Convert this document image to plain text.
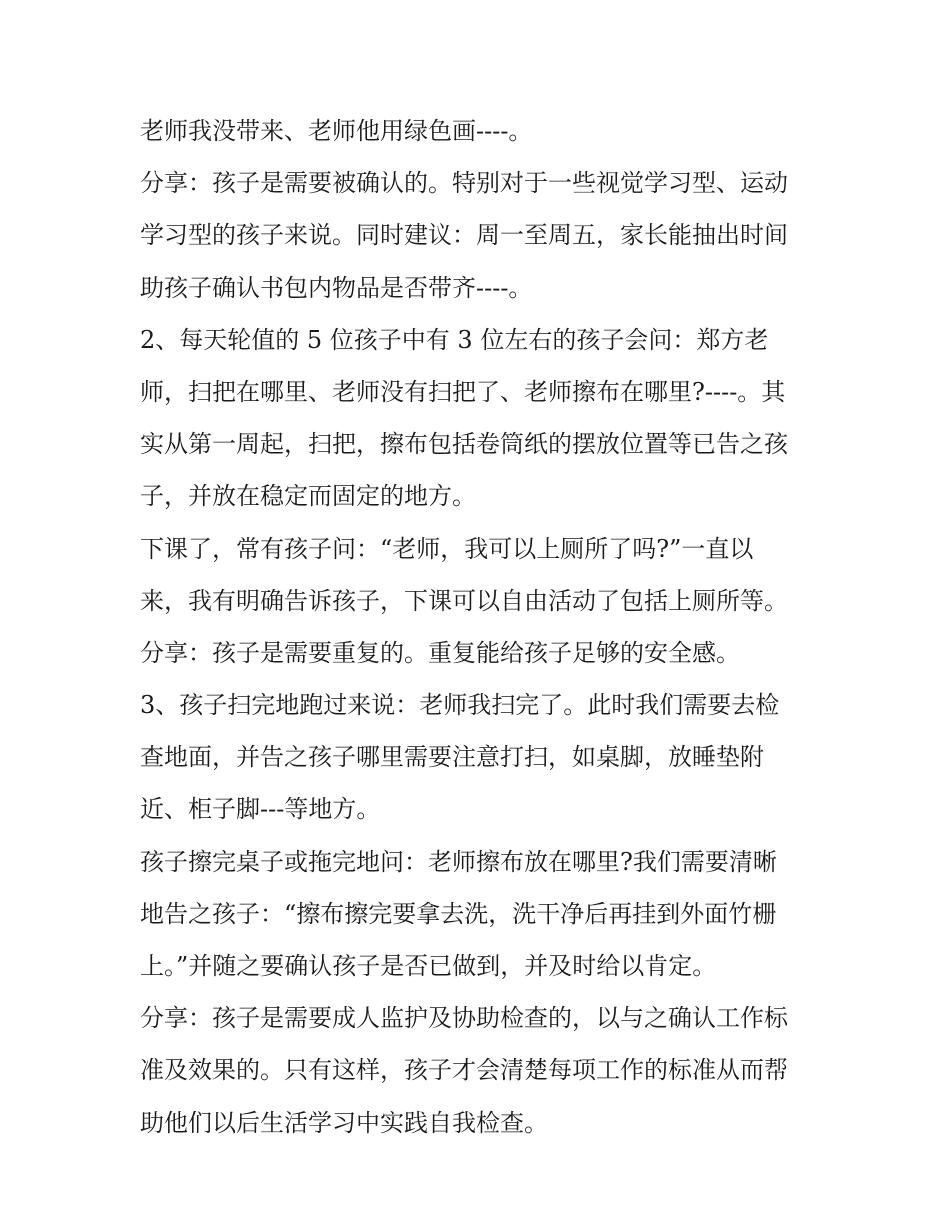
老师我没带来、老师他用绿色画----。
分享：孩子是需要被确认的。特别对于一些视觉学习型、运动
学习型的孩子来说。同时建议：周一至周五，家长能抽出时间
助孩子确认书包内物品是否带齐----。
2、每天轮值的 5 位孩子中有 3 位左右的孩子会问：郑方老
师，扫把在哪里、老师没有扫把了、老师擦布在哪里?----。其
实从第一周起，扫把，擦布包括卷筒纸的摆放位置等已告之孩
子，并放在稳定而固定的地方。
下课了，常有孩子问：“老师，我可以上厕所了吗?”一直以
来，我有明确告诉孩子，下课可以自由活动了包括上厕所等。
分享：孩子是需要重复的。重复能给孩子足够的安全感。
3、孩子扫完地跑过来说：老师我扫完了。此时我们需要去检
查地面，并告之孩子哪里需要注意打扫，如桌脚，放睡垫附
近、柜子脚---等地方。
孩子擦完桌子或拖完地问：老师擦布放在哪里?我们需要清晰
地告之孩子：“擦布擦完要拿去洗，洗干净后再挂到外面竹栅
上。”并随之要确认孩子是否已做到，并及时给以肯定。
分享：孩子是需要成人监护及协助检查的，以与之确认工作标
准及效果的。只有这样，孩子才会清楚每项工作的标准从而帮
助他们以后生活学习中实践自我检查。
